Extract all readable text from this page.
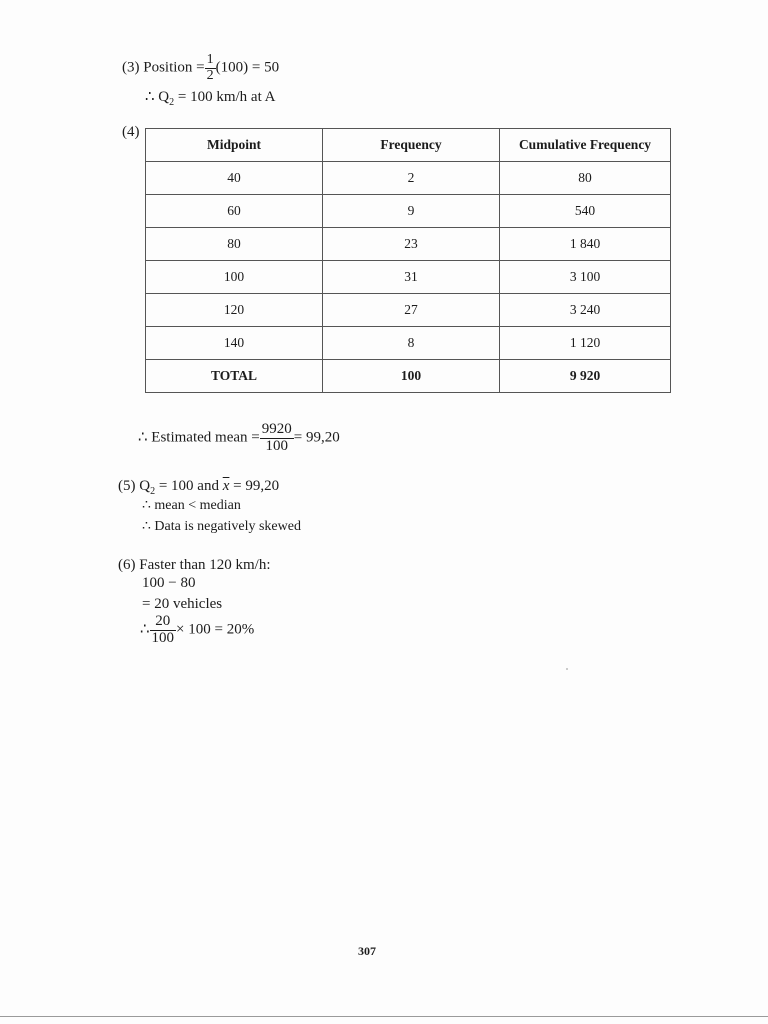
(3) Position = $\frac{1}{2} (100) = 50$
∴ $Q_2 = 100$ km/h at A
(4)
Midpoint	Frequency	Cumulative Frequency
40	2	80
60	9	540
80	23	1 840
100	31	3 100
120	27	3 240
140	8	1 120
TOTAL	100	9 920
∴ Estimated mean = $\frac{9920}{100} = 99,20$
(5) $Q_2 = 100$ and $\overline{x} = 99,20$
∴ mean < median
∴ Data is negatively skewed
(6) Faster than 120 km/h:
100 − 80
= 20 vehicles
∴ $\frac{20}{100} \times 100 = 20\%$
307
